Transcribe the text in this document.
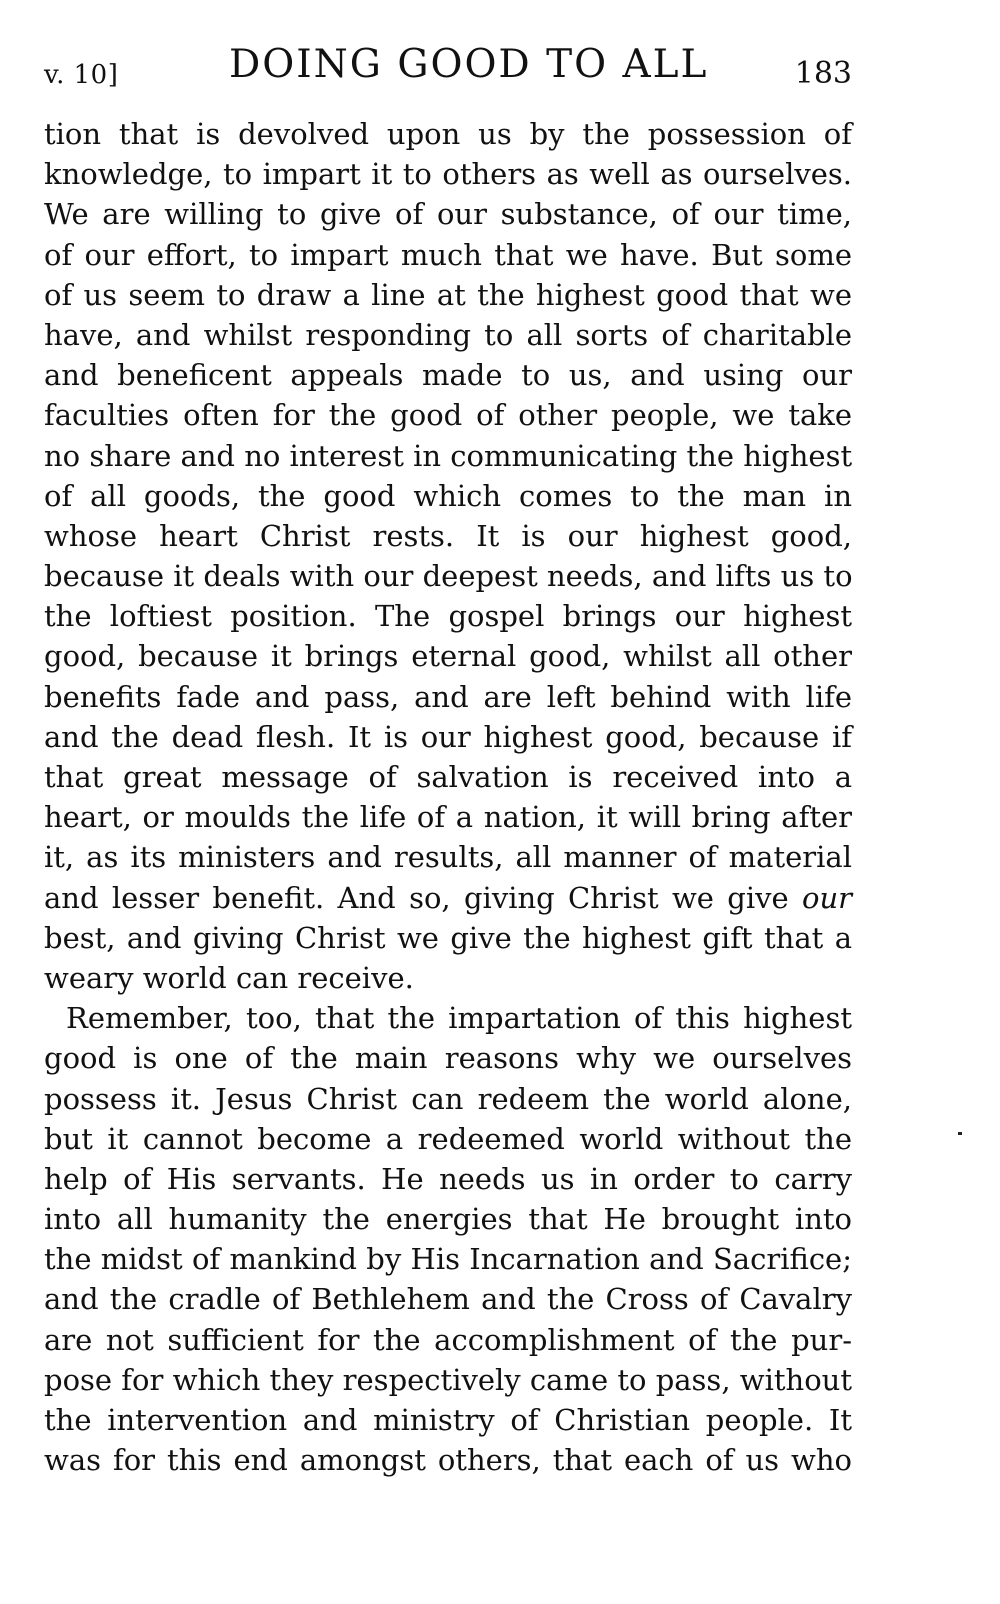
v. 10]	DOING GOOD TO ALL	183
tion that is devolved upon us by the possession of
knowledge, to impart it to others as well as ourselves.
We are willing to give of our substance, of our time,
of our effort, to impart much that we have. But some
of us seem to draw a line at the highest good that we
have, and whilst responding to all sorts of charitable
and beneficent appeals made to us, and using our
faculties often for the good of other people, we take
no share and no interest in communicating the highest
of all goods, the good which comes to the man in
whose heart Christ rests. It is our highest good,
because it deals with our deepest needs, and lifts us to
the loftiest position. The gospel brings our highest
good, because it brings eternal good, whilst all other
benefits fade and pass, and are left behind with life
and the dead flesh. It is our highest good, because if
that great message of salvation is received into a
heart, or moulds the life of a nation, it will bring after
it, as its ministers and results, all manner of material
and lesser benefit. And so, giving Christ we give our
best, and giving Christ we give the highest gift that a
weary world can receive.
Remember, too, that the impartation of this highest
good is one of the main reasons why we ourselves
possess it. Jesus Christ can redeem the world alone,
but it cannot become a redeemed world without the
help of His servants. He needs us in order to carry
into all humanity the energies that He brought into
the midst of mankind by His Incarnation and Sacrifice;
and the cradle of Bethlehem and the Cross of Cavalry
are not sufficient for the accomplishment of the pur-
pose for which they respectively came to pass, without
the intervention and ministry of Christian people. It
was for this end amongst others, that each of us who
